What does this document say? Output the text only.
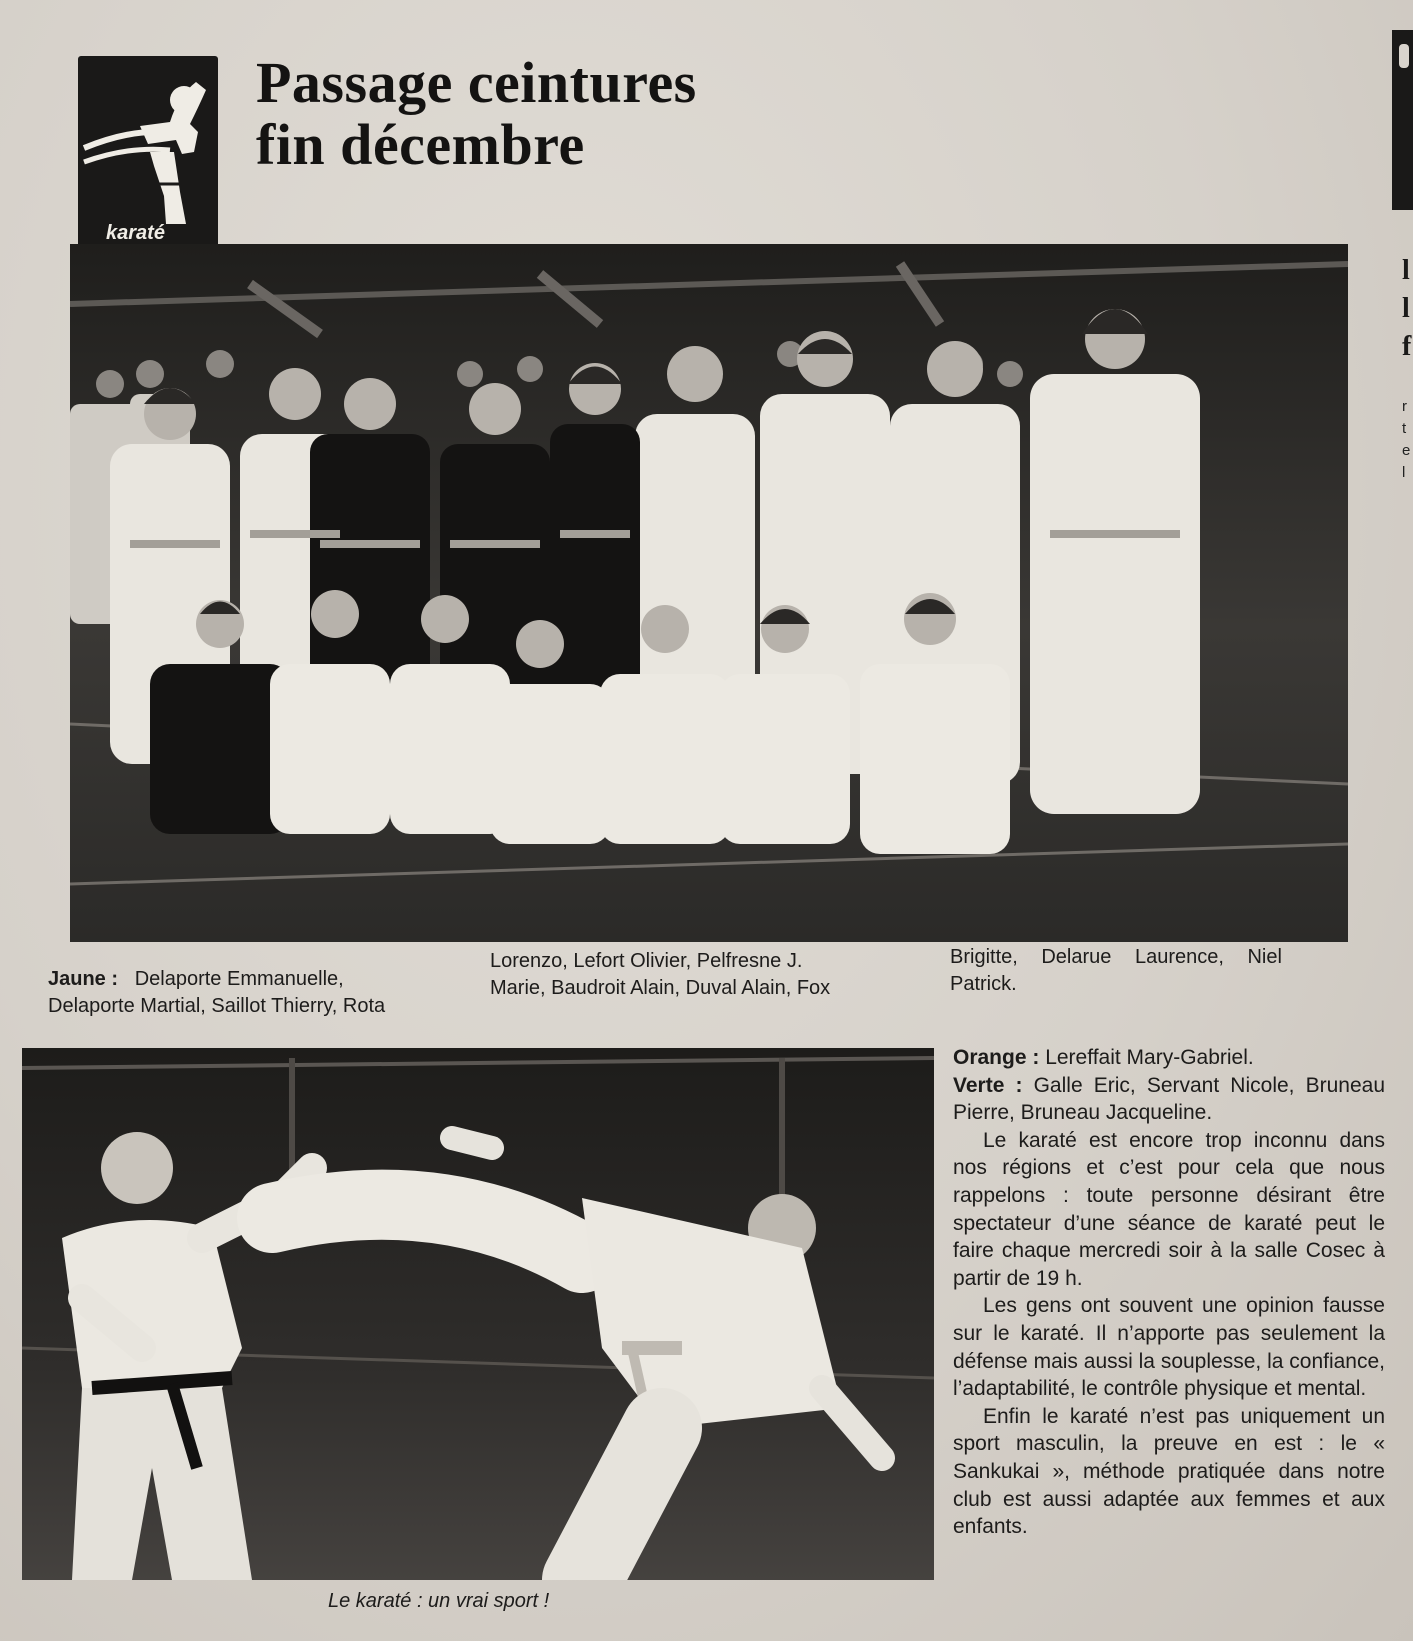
karaté
Passage ceintures
fin décembre
l
l
f
r
t
e
l
Jaune : Delaporte Emmanuelle,
Delaporte Martial, Saillot Thierry, Rota
Lorenzo, Lefort Olivier, Pelfresne J.
Marie, Baudroit Alain, Duval Alain, Fox
Brigitte, Delarue Laurence, Niel
Patrick.

Orange : Lereffait Mary-Gabriel.

Verte : Galle Eric, Servant Nicole, Bruneau Pierre, Bruneau Jacqueline.

Le karaté est encore trop inconnu dans nos régions et c’est pour cela que nous rappelons : toute personne désirant être spectateur d’une séance de karaté peut le faire chaque mercredi soir à la salle Cosec à partir de 19 h.

Les gens ont souvent une opinion fausse sur le karaté. Il n’apporte pas seulement la défense mais aussi la souplesse, la confiance, l’adaptabilité, le contrôle physique et mental.

Enfin le karaté n’est pas uniquement un sport masculin, la preuve en est : le « Sankukai », méthode pratiquée dans notre club est aussi adaptée aux femmes et aux enfants.

Le karaté : un vrai sport !
